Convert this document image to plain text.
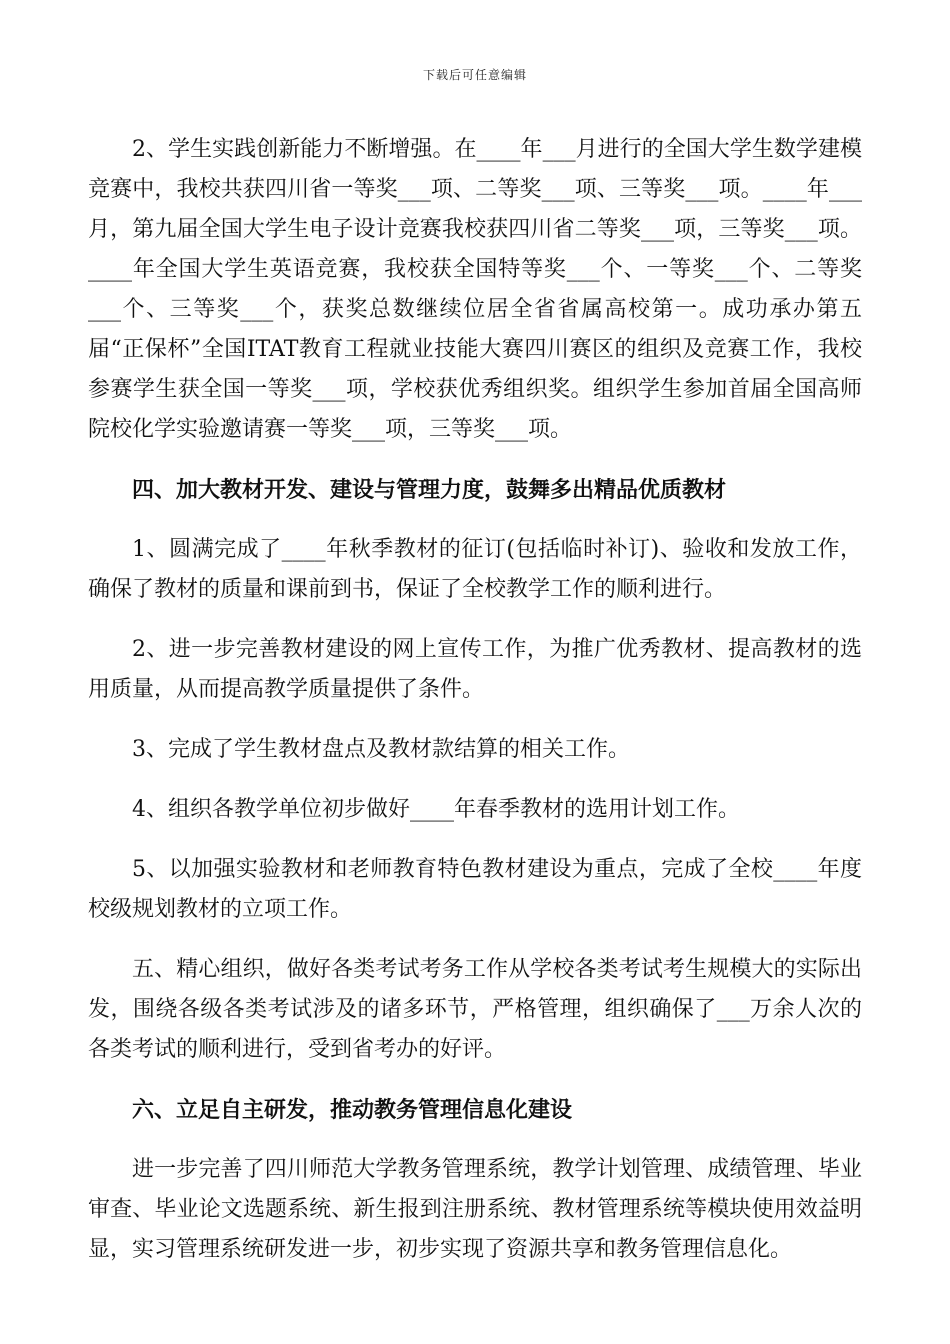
下载后可任意编辑

2、学生实践创新能力不断增强。在____年___月进行的全国大学生数学建模竞赛中，我校共获四川省一等奖___项、二等奖___项、三等奖___项。____年___月，第九届全国大学生电子设计竞赛我校获四川省二等奖___项，三等奖___项。____年全国大学生英语竞赛，我校获全国特等奖___个、一等奖___个、二等奖___个、三等奖___个，获奖总数继续位居全省省属高校第一。成功承办第五届“正保杯”全国ITAT教育工程就业技能大赛四川赛区的组织及竞赛工作，我校参赛学生获全国一等奖___项，学校获优秀组织奖。组织学生参加首届全国高师院校化学实验邀请赛一等奖___项，三等奖___项。

四、加大教材开发、建设与管理力度，鼓舞多出精品优质教材

1、圆满完成了____年秋季教材的征订(包括临时补订)、验收和发放工作，确保了教材的质量和课前到书，保证了全校教学工作的顺利进行。

2、进一步完善教材建设的网上宣传工作，为推广优秀教材、提高教材的选用质量，从而提高教学质量提供了条件。

3、完成了学生教材盘点及教材款结算的相关工作。

4、组织各教学单位初步做好____年春季教材的选用计划工作。

5、以加强实验教材和老师教育特色教材建设为重点，完成了全校____年度校级规划教材的立项工作。

五、精心组织，做好各类考试考务工作从学校各类考试考生规模大的实际出发，围绕各级各类考试涉及的诸多环节，严格管理，组织确保了___万余人次的各类考试的顺利进行，受到省考办的好评。

六、立足自主研发，推动教务管理信息化建设

进一步完善了四川师范大学教务管理系统，教学计划管理、成绩管理、毕业审查、毕业论文选题系统、新生报到注册系统、教材管理系统等模块使用效益明显，实习管理系统研发进一步，初步实现了资源共享和教务管理信息化。
